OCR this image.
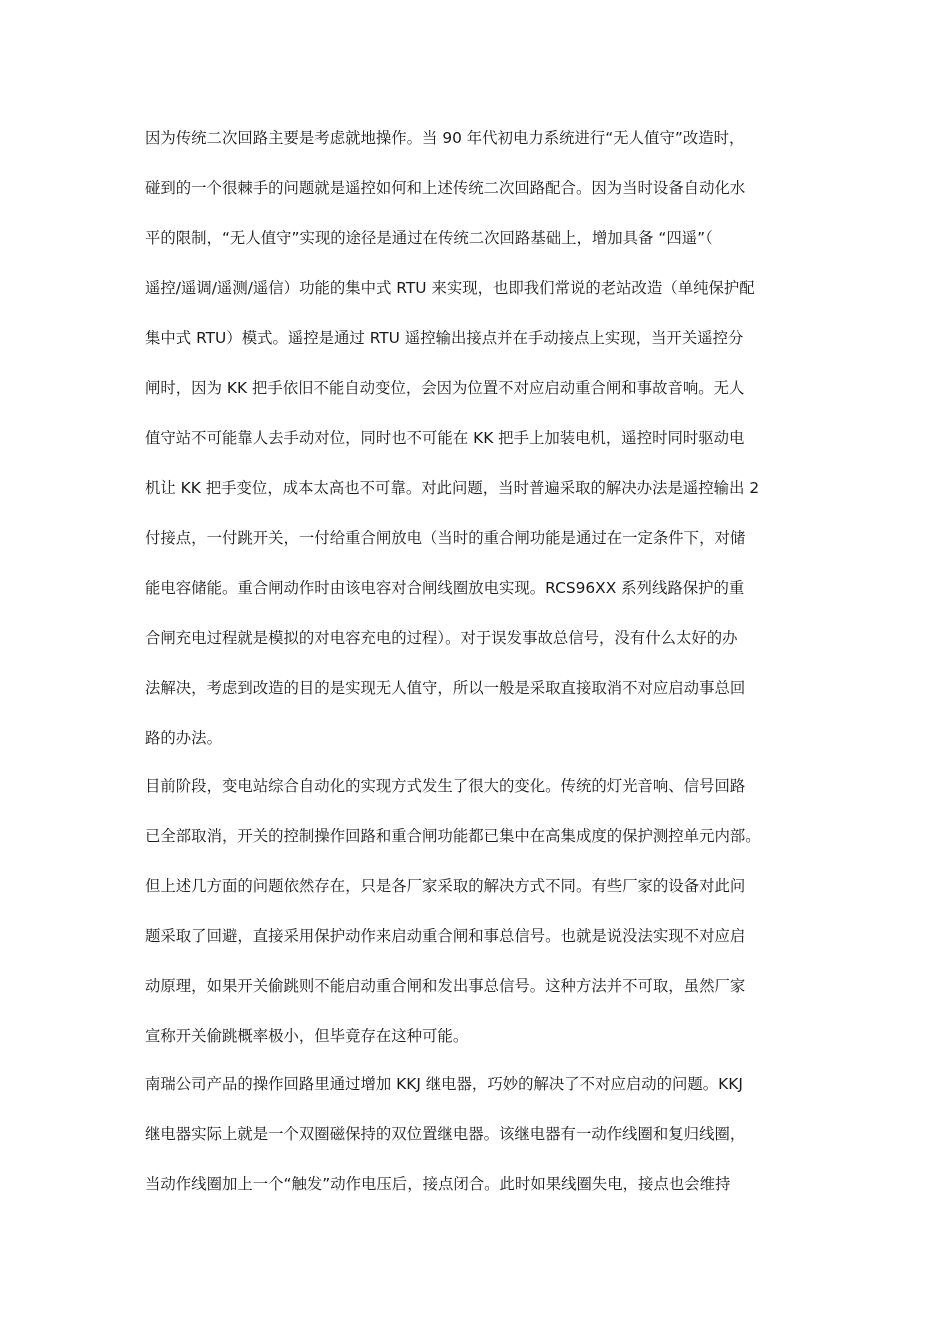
因为传统二次回路主要是考虑就地操作。当 90 年代初电力系统进行“无人值守”改造时，
碰到的一个很棘手的问题就是遥控如何和上述传统二次回路配合。因为当时设备自动化水
平的限制，“无人值守”实现的途径是通过在传统二次回路基础上，增加具备 “四遥”（
遥控/遥调/遥测/遥信）功能的集中式 RTU 来实现，也即我们常说的老站改造（单纯保护配
集中式 RTU）模式。遥控是通过 RTU 遥控输出接点并在手动接点上实现，当开关遥控分
闸时，因为 KK 把手依旧不能自动变位，会因为位置不对应启动重合闸和事故音响。无人
值守站不可能靠人去手动对位，同时也不可能在 KK 把手上加装电机，遥控时同时驱动电
机让 KK 把手变位，成本太高也不可靠。对此问题，当时普遍采取的解决办法是遥控输出 2
付接点，一付跳开关，一付给重合闸放电（当时的重合闸功能是通过在一定条件下，对储
能电容储能。重合闸动作时由该电容对合闸线圈放电实现。RCS96XX 系列线路保护的重
合闸充电过程就是模拟的对电容充电的过程）。对于误发事故总信号，没有什么太好的办
法解决，考虑到改造的目的是实现无人值守，所以一般是采取直接取消不对应启动事总回
路的办法。
目前阶段，变电站综合自动化的实现方式发生了很大的变化。传统的灯光音响、信号回路
已全部取消，开关的控制操作回路和重合闸功能都已集中在高集成度的保护测控单元内部。
但上述几方面的问题依然存在，只是各厂家采取的解决方式不同。有些厂家的设备对此问
题采取了回避，直接采用保护动作来启动重合闸和事总信号。也就是说没法实现不对应启
动原理，如果开关偷跳则不能启动重合闸和发出事总信号。这种方法并不可取，虽然厂家
宣称开关偷跳概率极小，但毕竟存在这种可能。
南瑞公司产品的操作回路里通过增加 KKJ 继电器，巧妙的解决了不对应启动的问题。KKJ
继电器实际上就是一个双圈磁保持的双位置继电器。该继电器有一动作线圈和复归线圈，
当动作线圈加上一个“触发”动作电压后，接点闭合。此时如果线圈失电，接点也会维持
